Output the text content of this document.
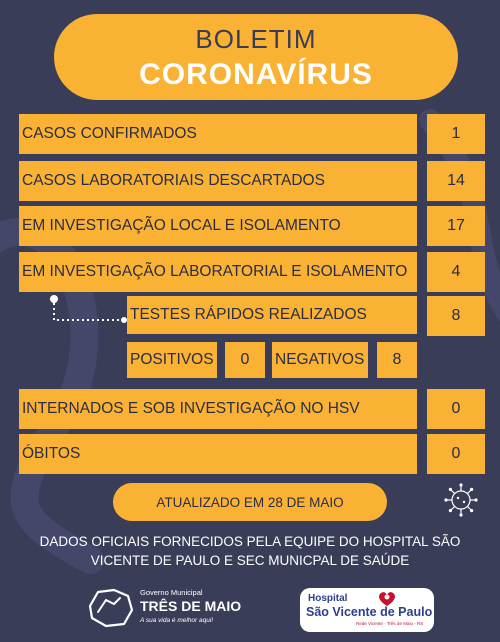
BOLETIM
CORONAVÍRUS
CASOS CONFIRMADOS	1
CASOS LABORATORIAIS DESCARTADOS	14
EM INVESTIGAÇÃO LOCAL E ISOLAMENTO	17
EM INVESTIGAÇÃO LABORATORIAL E ISOLAMENTO	4
TESTES RÁPIDOS REALIZADOS	8
POSITIVOS	0	NEGATIVOS	8
INTERNADOS E SOB INVESTIGAÇÃO NO HSV	0
ÓBITOS	0
ATUALIZADO EM 28 DE MAIO
DADOS OFICIAIS FORNECIDOS PELA EQUIPE DO HOSPITAL SÃO
VICENTE DE PAULO E SEC MUNICPAL DE SAÚDE
Governo Municipal
TRÊS DE MAIO
A sua vida é melhor aqui!
Hospital
São Vicente de Paulo
Rede Vicente · Três de Maio - RS
